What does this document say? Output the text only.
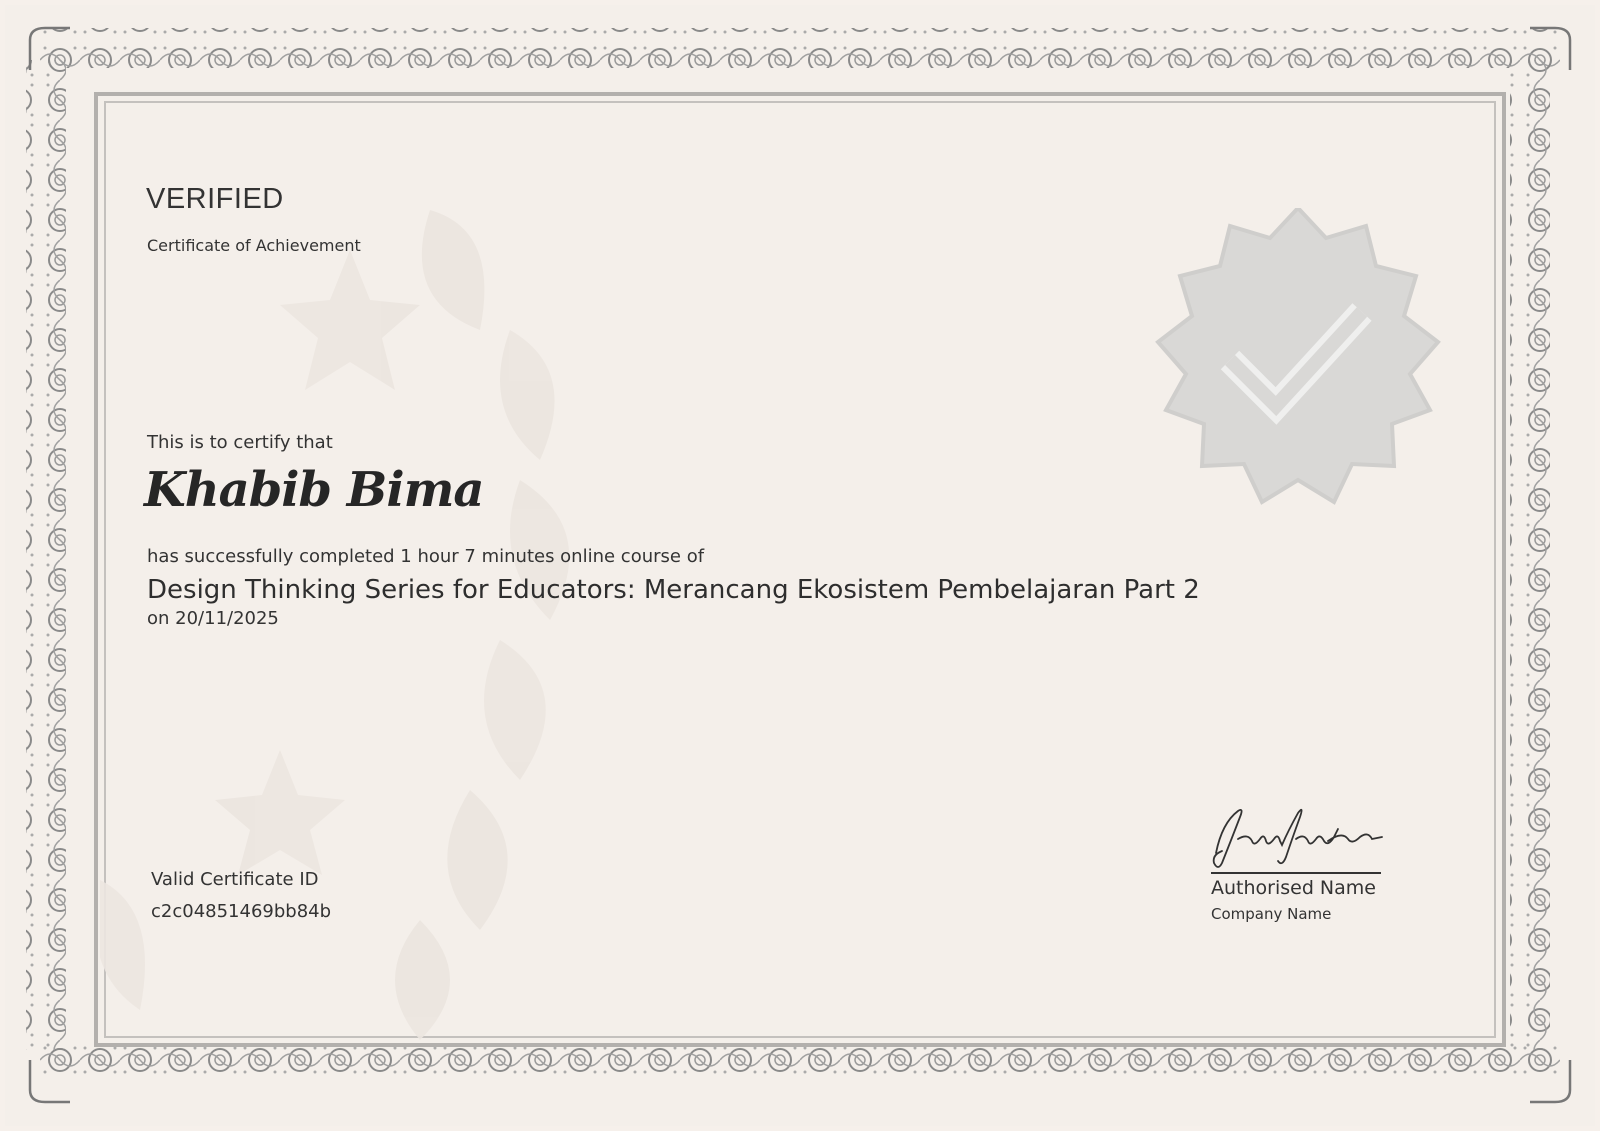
VERIFIED
Certificate of Achievement
This is to certify that
Khabib Bima
has successfully completed 1 hour 7 minutes online course of
Design Thinking Series for Educators: Merancang Ekosistem Pembelajaran Part 2
on 20/11/2025
Valid Certificate ID
c2c04851469bb84b
Authorised Name
Company Name
